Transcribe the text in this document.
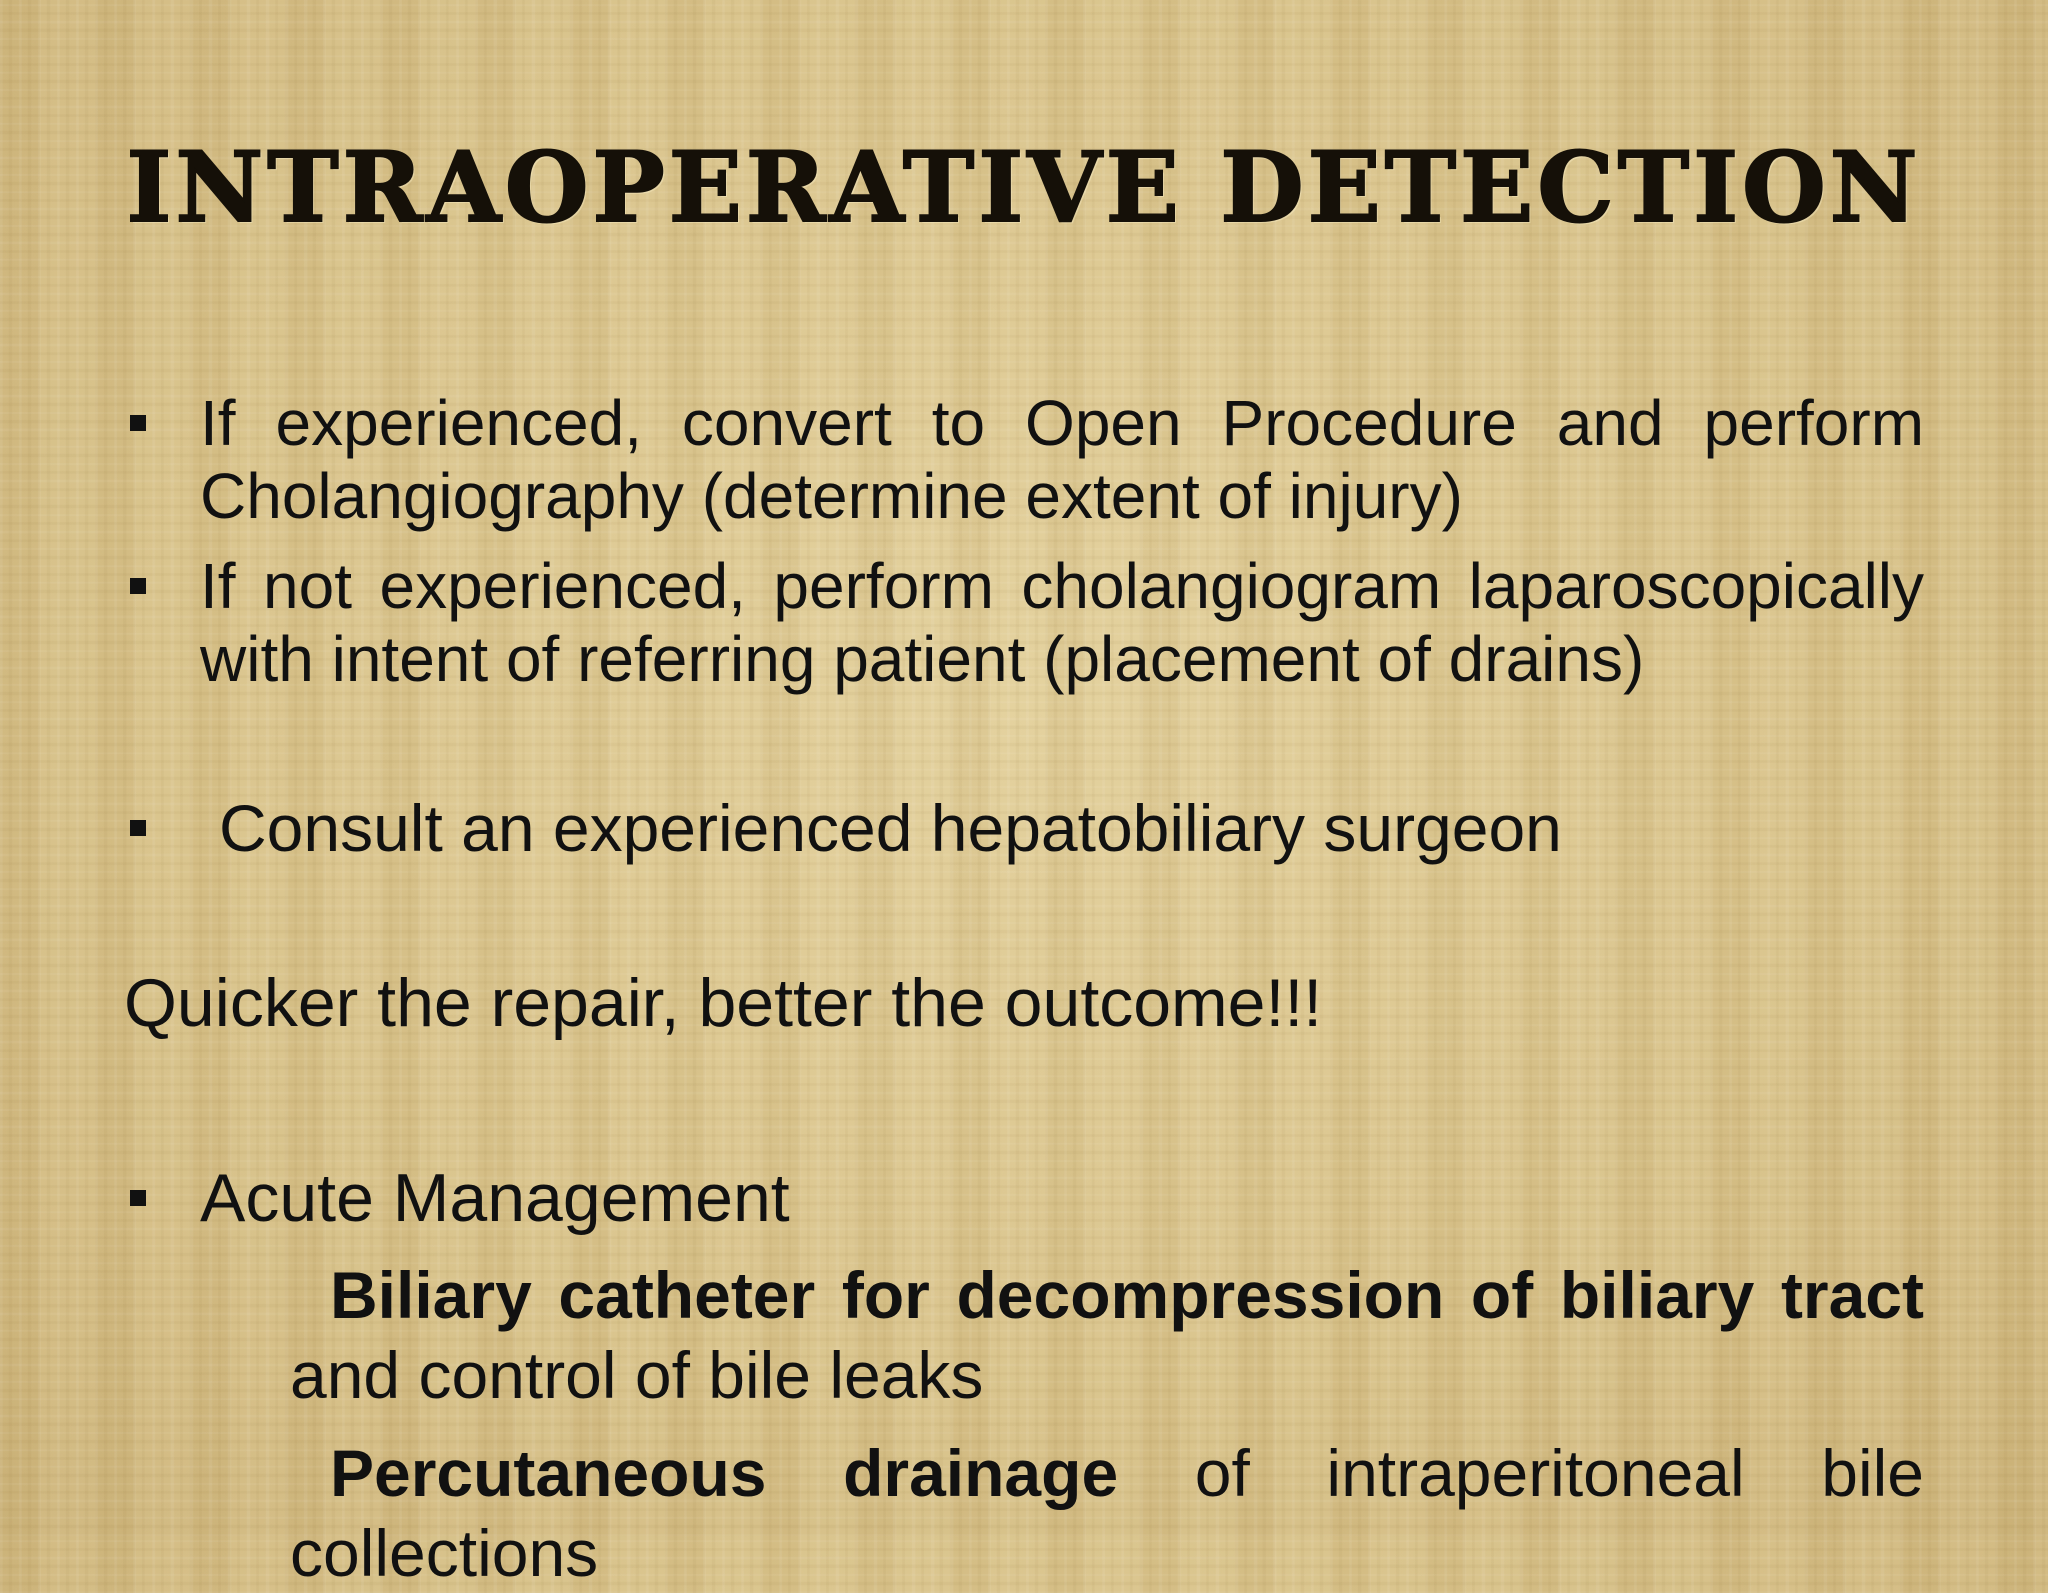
INTRAOPERATIVE DETECTION
If experienced, convert to Open Procedure and perform Cholangiography (determine extent of injury)
If not experienced, perform cholangiogram laparoscopically with intent of referring patient (placement of drains)
Consult an experienced hepatobiliary surgeon
Quicker the repair, better the outcome!!!
Acute Management
Biliary catheter for decompression of biliary tract and control of bile leaks
Percutaneous drainage of intraperitoneal bile collections
